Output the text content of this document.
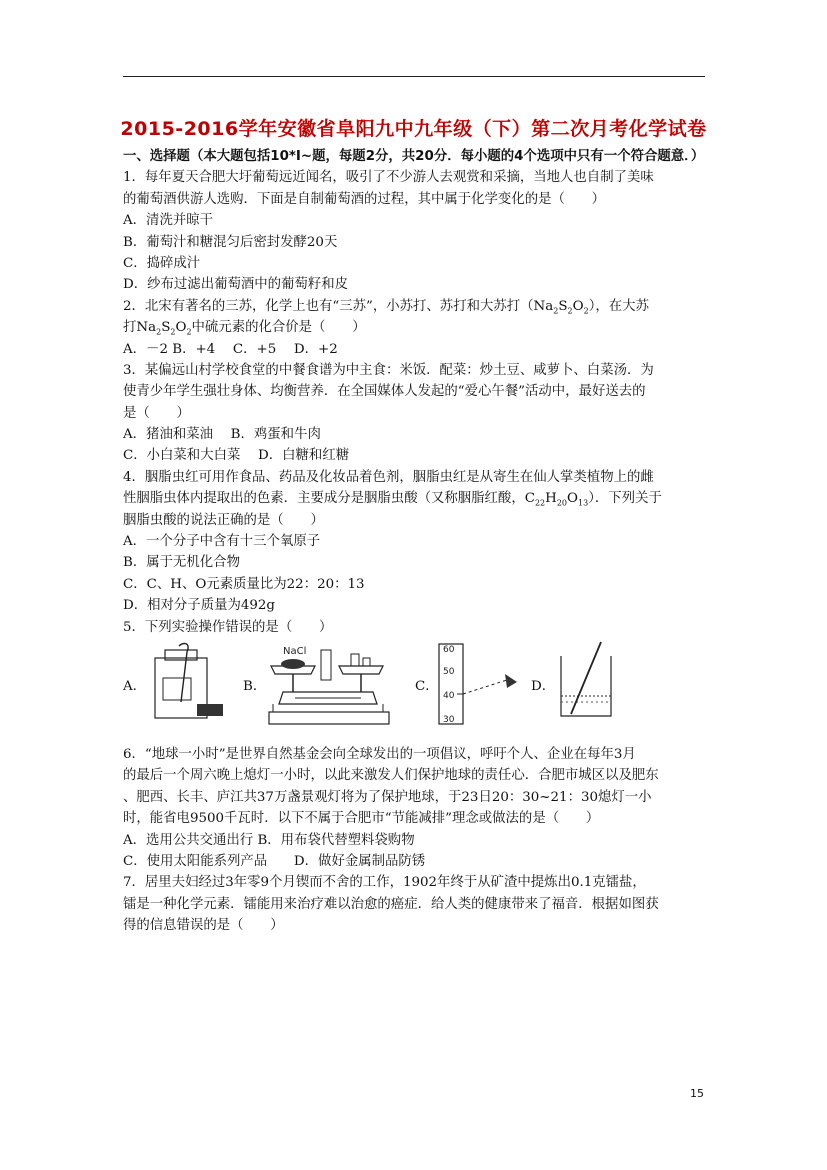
2015-2016学年安徽省阜阳九中九年级（下）第二次月考化学试卷
一、选择题（本大题包括10*I~题，每题2分，共20分．每小题的4个选项中只有一个符合题意．）
1．每年夏天合肥大圩葡萄远近闻名，吸引了不少游人去观赏和采摘，当地人也自制了美味
的葡萄酒供游人选购．下面是自制葡萄酒的过程，其中属于化学变化的是（　　）
A．清洗并晾干
B．葡萄汁和糖混匀后密封发酵20天
C．捣碎成汁
D．纱布过滤出葡萄酒中的葡萄籽和皮
2．北宋有著名的三苏，化学上也有“三苏”，小苏打、苏打和大苏打$(Na_2S_2O_2)$，在大苏
打$Na_2S_2O_2$中硫元素的化合价是（　　）
A．－2 B．+4　 C．+5　 D．+2
3．某偏远山村学校食堂的中餐食谱为中主食：米饭．配菜：炒土豆、咸萝卜、白菜汤．为
使青少年学生强壮身体、均衡营养．在全国媒体人发起的“爱心午餐”活动中，最好送去的
是（　　）
A．猪油和菜油　 B．鸡蛋和牛肉
C．小白菜和大白菜　 D．白糖和红糖
4．胭脂虫红可用作食品、药品及化妆品着色剂，胭脂虫红是从寄生在仙人掌类植物上的雌
性胭脂虫体内提取出的色素．主要成分是胭脂虫酸（又称胭脂红酸，$C_{22}H_{20}O_{13}$）．下列关于
胭脂虫酸的说法正确的是（　　）
A．一个分子中含有十三个氧原子
B．属于无机化合物
C．C、H、O元素质量比为22：20：13
D．相对分子质量为492g
5．下列实验操作错误的是（　　）
A．	B．
NaCl
C．
60
50
40
30
D．
6．“地球一小时”是世界自然基金会向全球发出的一项倡议，呼吁个人、企业在每年3月
的最后一个周六晚上熄灯一小时，以此来激发人们保护地球的责任心．合肥市城区以及肥东
、肥西、长丰、庐江共37万盏景观灯将为了保护地球，于23日20：30~21：30熄灯一小
时，能省电9500千瓦时．以下不属于合肥市“节能减排”理念或做法的是（　　）
A．选用公共交通出行 B．用布袋代替塑料袋购物
C．使用太阳能系列产品　　D．做好金属制品防锈
7．居里夫妇经过3年零9个月锲而不舍的工作，1902年终于从矿渣中提炼出0.1克镭盐，
镭是一种化学元素．镭能用来治疗难以治愈的癌症．给人类的健康带来了福音．根据如图获
得的信息错误的是（　　）
15
